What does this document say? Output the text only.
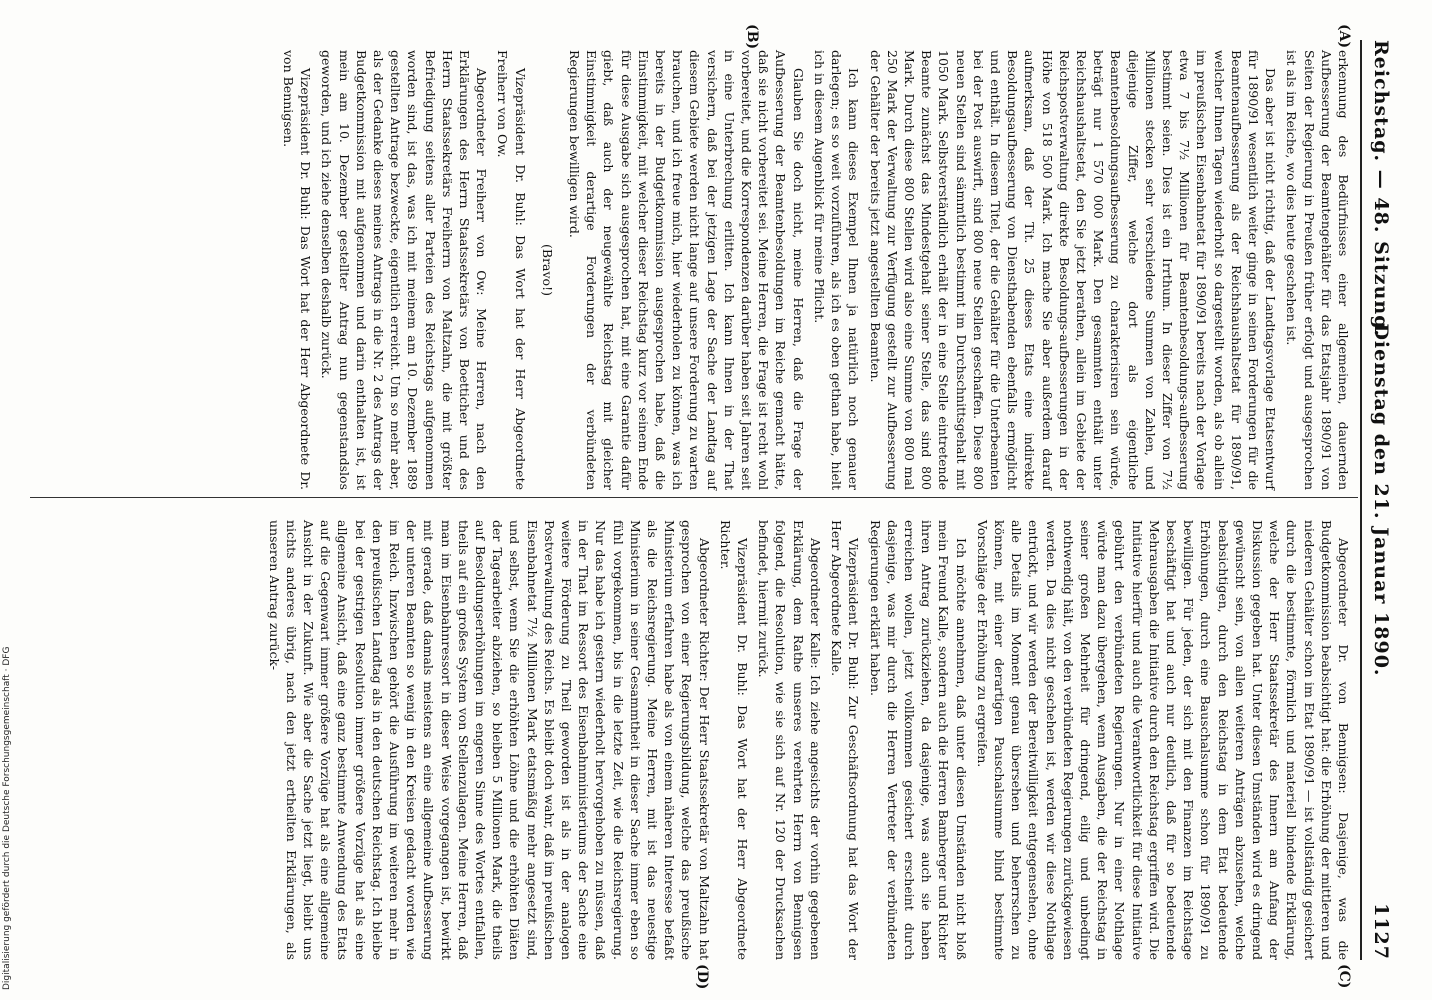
Reichstag. — 48. Sitzung.
Dienstag den 21. Januar 1890.
1127
(A)
(B)
(C)
(D)

erkennung des Bedürfnisses einer allgemeinen, dauernden Aufbesserung der Beamtengehälter für das Etatsjahr 1890/91 von Seiten der Regierung in Preußen früher erfolgt und ausgesprochen ist als im Reiche, wo dies heute geschehen ist.

Das aber ist nicht richtig, daß der Landtagsvorlage Etatsentwurf für 1890/91 wesentlich weiter ginge in seinen Forderungen für die Beamtenaufbesserung als der Reichshaushaltsetat für 1890/91, welcher Ihnen Tagen wiederholt so dargestellt worden, als ob allein im preußischen Eisenbahnetat für 1890/91 bereits nach der Vorlage etwa 7 bis 7½ Millionen für Beamtenbesoldungs-aufbesserung bestimmt seien. Dies ist ein Irrthum. In dieser Ziffer von 7½ Millionen stecken sehr verschiedene Summen von Zahlen, und diejenige Ziffer, welche dort als eigentliche Beamtenbesoldungsaufbesserung zu charakterisiren sein würde, beträgt nur 1 570 000 Mark. Den gesammten enthält unter Reichshaushaltsetat, den Sie jetzt berathen, allein im Gebiete der Reichspostverwaltung direkte Besoldungs-aufbesserungen in der Höhe von 518 500 Mark. Ich mache Sie aber außerdem darauf aufmerksam, daß der Tit. 25 dieses Etats eine indirekte Besoldungsaufbesserung von Diensthabenden ebenfalls ermöglicht und enthält. In diesem Titel, der die Gehälter für die Unterbeamten bei der Post auswirft, sind 800 neue Stellen geschaffen. Diese 800 neuen Stellen sind sämmtlich bestimmt im Durchschnittsgehalt mit 1050 Mark. Selbstverständlich erhält der in eine Stelle eintretende Beamte zunächst das Mindestgehalt seiner Stelle, das sind 800 Mark. Durch diese 800 Stellen wird also eine Summe von 800 mal 250 Mark der Verwaltung zur Verfügung gestellt zur Aufbesserung der Gehälter der bereits jetzt angestellten Beamten.

Ich kann dieses Exempel Ihnen ja natürlich noch genauer darlegen; es so weit vorzuführen, als ich es oben gethan habe, hielt ich in diesem Augenblick für meine Pflicht.

Glauben Sie doch nicht, meine Herren, daß die Frage der Aufbesserung der Beamtenbesoldungen im Reiche gemacht hätte, daß sie nicht vorbereitet sei. Meine Herren, die Frage ist recht wohl vorbereitet, und die Korrespondenzen darüber haben seit Jahren seit in eine Unterbrechung erlitten. Ich kann Ihnen in der That versichern, daß bei der jetzigen Lage der Sache der Landtag auf diesem Gebiete werden nicht lange auf unsere Forderung zu warten brauchen, und ich freue mich, hier wiederholen zu können, was ich bereits in der Budgetkommission ausgesprochen habe, daß die Einstimmigkeit, mit welcher dieser Reichstag kurz vor seinem Ende für diese Ausgabe sich ausgesprochen hat, mit eine Garantie dafür giebt, daß auch der neugewählte Reichstag mit gleicher Einstimmigkeit derartige Forderungen der verbündeten Regierungen bewilligen wird.

(Bravo!)

Vizepräsident Dr. Buhl: Das Wort hat der Herr Abgeordnete Freiherr von Ow.

Abgeordneter Freiherr von Ow: Meine Herren, nach den Erklärungen des Herrn Staatssekretärs von Boetticher und des Herrn Staatssekretärs Freiherrn von Maltzahn, die mit größter Befriedigung seitens aller Parteien des Reichstags aufgenommen worden sind, ist das, was ich mit meinem am 10. Dezember 1889 gestellten Antrage bezweckte, eigentlich erreicht. Um so mehr aber, als der Gedanke dieses meines Antrags in die Nr. 2 des Antrags der Budgetkommission mit aufgenommen und darin enthalten ist, ist mein am 10. Dezember gestellter Antrag nun gegenstandslos geworden, und ich ziehe denselben deshalb zurück.

Vizepräsident Dr. Buhl: Das Wort hat der Herr Abgeordnete Dr. von Bennigsen.

Abgeordneter Dr. von Bennigsen: Dasjenige, was die Budgetkommission beabsichtigt hat: die Erhöhung der mittleren und niederen Gehälter schon im Etat 1890/91 — ist vollständig gesichert durch die bestimmte, förmlich und materiell bindende Erklärung, welche der Herr Staatssekretär des Innern am Anfang der Diskussion gegeben hat. Unter diesen Umständen wird es dringend gewünscht sein, von allen weiteren Anträgen abzusehen, welche beabsichtigen, durch den Reichstag in dem Etat bedeutende Erhöhungen, durch eine Bauschalsumme schon für 1890/91 zu bewilligen. Für jeden, der sich mit den Finanzen im Reichstage beschäftigt hat und auch nur deutlich, daß für so bedeutende Mehrausgaben die Initiative durch den Reichstag ergriffen wird. Die Initiative hierfür und auch die Verantwortlichkeit für diese Initiative gebührt den verbündeten Regierungen. Nur in einer Nothlage würde man dazu übergehen, wenn Ausgaben, die der Reichstag in seiner großen Mehrheit für dringend, eilig und unbedingt nothwendig hält, von den verbündeten Regierungen zurückgewiesen werden. Da dies nicht geschehen ist, werden wir diese Nothlage entrückt, und wir werden der Bereitwilligkeit entgegensehen, ohne alle Details im Moment genau übersehen und beherrschen zu können, mit einer derartigen Pauschalsumme blind bestimmte Vorschläge der Erhöhung zu ergreifen.

Ich möchte annehmen, daß unter diesen Umständen nicht bloß mein Freund Kalle, sondern auch die Herren Bamberger und Richter ihren Antrag zurückziehen, da dasjenige, was auch sie haben erreichen wollen, jetzt vollkommen gesichert erscheint durch dasjenige, was mir durch die Herren Vertreter der verbündeten Regierungen erklärt haben.

Vizepräsident Dr. Buhl: Zur Geschäftsordnung hat das Wort der Herr Abgeordnete Kalle.

Abgeordneter Kalle: Ich ziehe angesichts der vorhin gegebenen Erklärung, dem Rathe unseres verehrten Herrn von Bennigsen folgend, die Resolution, wie sie sich auf Nr. 120 der Drucksachen befindet, hiermit zurück.

Vizepräsident Dr. Buhl: Das Wort hat der Herr Abgeordnete Richter.

Abgeordneter Richter: Der Herr Staatssekretär von Maltzahn hat gesprochen von einer Regierungsbildung, welche das preußische Ministerium erfahren habe als von einem näheren Interesse befaßt als die Reichsregierung. Meine Herren, mit ist das neuestige Ministerium in seiner Gesammtheit in dieser Sache immer eben so fühl vorgekommen, bis in die letzte Zeit, wie die Reichsregierung. Nur das habe ich gestern wiederholt hervorgehoben zu müssen, daß in der That im Ressort des Eisenbahnministeriums der Sache eine weitere Förderung zu Theil geworden ist als in der analogen Postverwaltung des Reichs. Es bleibt doch wahr, daß im preußischen Eisenbahnetat 7½ Millionen Mark etatsmäßig mehr angesetzt sind, und selbst, wenn Sie die erhöhten Löhne und die erhöhten Diäten der Tagearbeiter abziehen, so bleiben 5 Millionen Mark, die theils auf Besoldungserhöhungen im engeren Sinne des Wortes entfallen, theils auf ein großes System von Stellenzulagen. Meine Herren, daß man im Eisenbahnressort in dieser Weise vorgegangen ist, bewirkt mit gerade, daß damals meistens an eine allgemeine Aufbesserung der unteren Beamten so wenig in den Kreisen gedacht worden wie im Reich. Inzwischen gehört die Ausführung im weiteren mehr in den preußischen Landtag als in den deutschen Reichstag. Ich bleibe bei der gestrigen Resolution immer größere Vorzüge hat als eine allgemeine Ansicht, daß eine ganz bestimmte Anwendung des Etats auf die Gegenwart immer größere Vorzüge hat als eine allgemeine Ansicht in der Zukunft. Wie aber die Sache jetzt liegt, bleibt uns nichts anderes übrig, nach den jetzt ertheilten Erklärungen, als unseren Antrag zurück-

Digitalisierung gefördert durch die Deutsche Forschungsgemeinschaft · DFG
